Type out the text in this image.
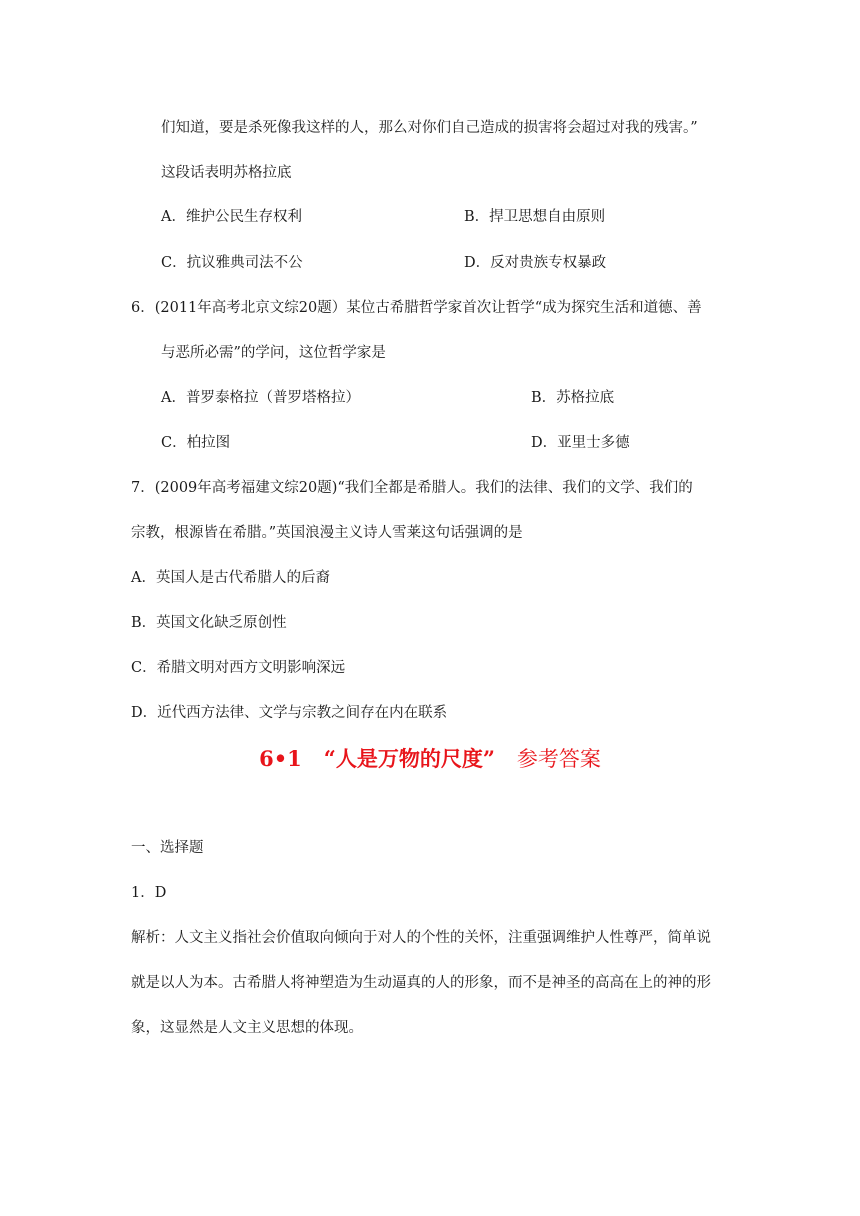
们知道，要是杀死像我这样的人，那么对你们自己造成的损害将会超过对我的残害。”
这段话表明苏格拉底
A．维护公民生存权利	B．捍卫思想自由原则
C．抗议雅典司法不公	D．反对贵族专权暴政
6．(2011年高考北京文综20题）某位古希腊哲学家首次让哲学“成为探究生活和道德、善
与恶所必需”的学问，这位哲学家是
A．普罗泰格拉（普罗塔格拉）	B．苏格拉底
C．柏拉图	D．亚里士多德
7．(2009年高考福建文综20题)“我们全都是希腊人。我们的法律、我们的文学、我们的
宗教，根源皆在希腊。”英国浪漫主义诗人雪莱这句话强调的是
A．英国人是古代希腊人的后裔
B．英国文化缺乏原创性
C．希腊文明对西方文明影响深远
D．近代西方法律、文学与宗教之间存在内在联系
6•1 “人是万物的尺度” 参考答案
一、选择题
1．D
解析：人文主义指社会价值取向倾向于对人的个性的关怀，注重强调维护人性尊严，简单说
就是以人为本。古希腊人将神塑造为生动逼真的人的形象，而不是神圣的高高在上的神的形
象，这显然是人文主义思想的体现。
